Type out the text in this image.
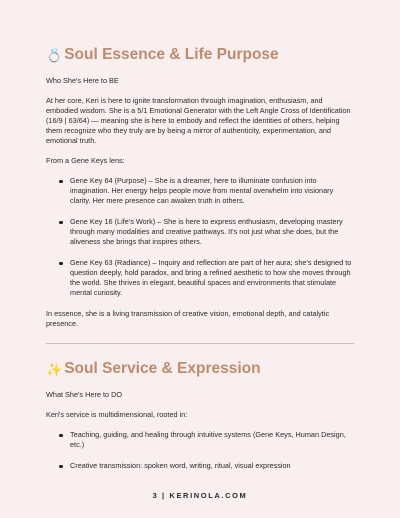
💍 Soul Essence & Life Purpose
Who She's Here to BE

At her core, Keri is here to ignite transformation through imagination, enthusiasm, and embodied wisdom. She is a 5/1 Emotional Generator with the Left Angle Cross of Identification (16/9 | 63/64) — meaning she is here to embody and reflect the identities of others, helping them recognize who they truly are by being a mirror of authenticity, experimentation, and emotional truth.

From a Gene Keys lens:

Gene Key 64 (Purpose) – She is a dreamer, here to illuminate confusion into imagination. Her energy helps people move from mental overwhelm into visionary clarity. Her mere presence can awaken truth in others.
Gene Key 16 (Life's Work) – She is here to express enthusiasm, developing mastery through many modalities and creative pathways. It's not just what she does, but the aliveness she brings that inspires others.
Gene Key 63 (Radiance) – Inquiry and reflection are part of her aura; she's designed to question deeply, hold paradox, and bring a refined aesthetic to how she moves through the world. She thrives in elegant, beautiful spaces and environments that stimulate mental curiosity.

In essence, she is a living transmission of creative vision, emotional depth, and catalytic presence.

✨ Soul Service & Expression
What She's Here to DO

Keri's service is multidimensional, rooted in:

Teaching, guiding, and healing through intuitive systems (Gene Keys, Human Design, etc.)
Creative transmission: spoken word, writing, ritual, visual expression
3 | KERINOLA.COM
